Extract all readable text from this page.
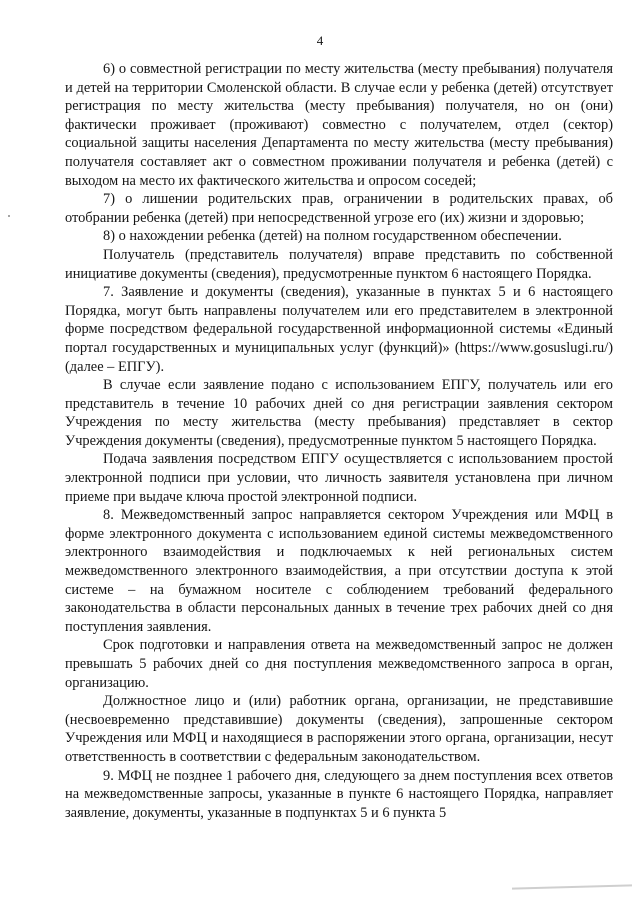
4

6) о совместной регистрации по месту жительства (месту пребывания) получателя и детей на территории Смоленской области. В случае если у ребенка (детей) отсутствует регистрация по месту жительства (месту пребывания) получателя, но он (они) фактически проживает (проживают) совместно с получателем, отдел (сектор) социальной защиты населения Департамента по месту жительства (месту пребывания) получателя составляет акт о совместном проживании получателя и ребенка (детей) с выходом на место их фактического жительства и опросом соседей;

7) о лишении родительских прав, ограничении в родительских правах, об отобрании ребенка (детей) при непосредственной угрозе его (их) жизни и здоровью;

8) о нахождении ребенка (детей) на полном государственном обеспечении.

Получатель (представитель получателя) вправе представить по собственной инициативе документы (сведения), предусмотренные пунктом 6 настоящего Порядка.

7. Заявление и документы (сведения), указанные в пунктах 5 и 6 настоящего Порядка, могут быть направлены получателем или его представителем в электронной форме посредством федеральной государственной информационной системы «Единый портал государственных и муниципальных услуг (функций)» (https://www.gosuslugi.ru/) (далее – ЕПГУ).

В случае если заявление подано с использованием ЕПГУ, получатель или его представитель в течение 10 рабочих дней со дня регистрации заявления сектором Учреждения по месту жительства (месту пребывания) представляет в сектор Учреждения документы (сведения), предусмотренные пунктом 5 настоящего Порядка.

Подача заявления посредством ЕПГУ осуществляется с использованием простой электронной подписи при условии, что личность заявителя установлена при личном приеме при выдаче ключа простой электронной подписи.

8. Межведомственный запрос направляется сектором Учреждения или МФЦ в форме электронного документа с использованием единой системы межведомственного электронного взаимодействия и подключаемых к ней региональных систем межведомственного электронного взаимодействия, а при отсутствии доступа к этой системе – на бумажном носителе с соблюдением требований федерального законодательства в области персональных данных в течение трех рабочих дней со дня поступления заявления.

Срок подготовки и направления ответа на межведомственный запрос не должен превышать 5 рабочих дней со дня поступления межведомственного запроса в орган, организацию.

Должностное лицо и (или) работник органа, организации, не представившие (несвоевременно представившие) документы (сведения), запрошенные сектором Учреждения или МФЦ и находящиеся в распоряжении этого органа, организации, несут ответственность в соответствии с федеральным законодательством.

9. МФЦ не позднее 1 рабочего дня, следующего за днем поступления всех ответов на межведомственные запросы, указанные в пункте 6 настоящего Порядка, направляет заявление, документы, указанные в подпунктах 5 и 6 пункта 5
